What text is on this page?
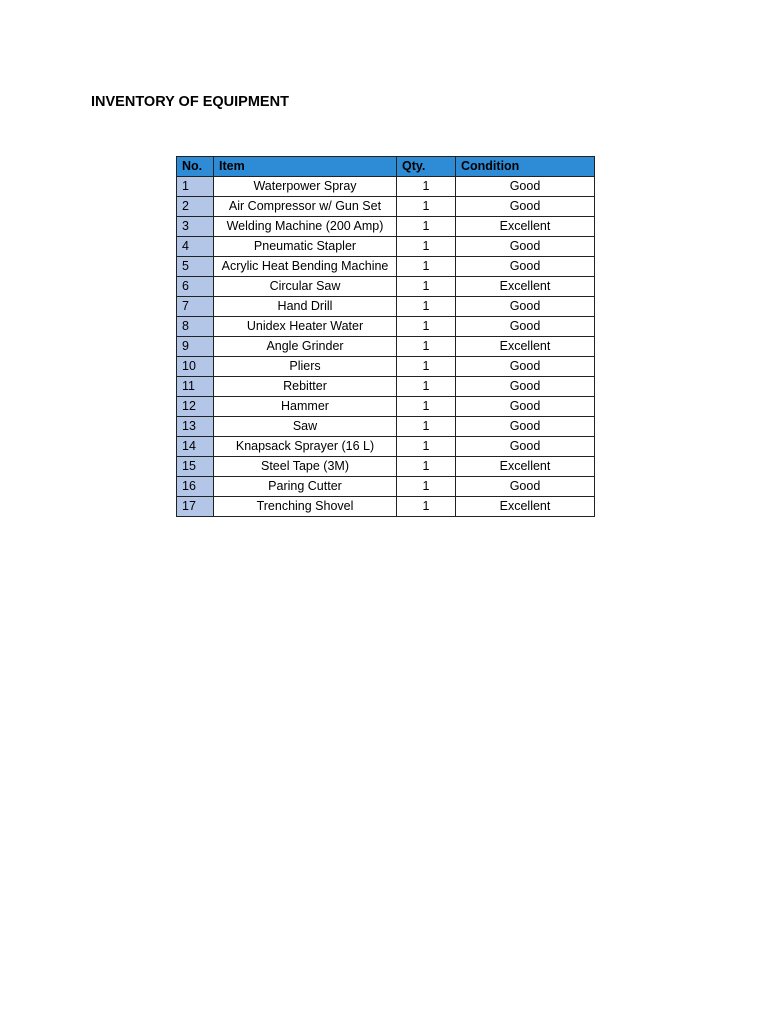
INVENTORY OF EQUIPMENT
No.	Item	Qty.	Condition
1	Waterpower Spray	1	Good
2	Air Compressor w/ Gun Set	1	Good
3	Welding Machine (200 Amp)	1	Excellent
4	Pneumatic Stapler	1	Good
5	Acrylic Heat Bending Machine	1	Good
6	Circular Saw	1	Excellent
7	Hand Drill	1	Good
8	Unidex Heater Water	1	Good
9	Angle Grinder	1	Excellent
10	Pliers	1	Good
11	Rebitter	1	Good
12	Hammer	1	Good
13	Saw	1	Good
14	Knapsack Sprayer (16 L)	1	Good
15	Steel Tape (3M)	1	Excellent
16	Paring Cutter	1	Good
17	Trenching Shovel	1	Excellent
